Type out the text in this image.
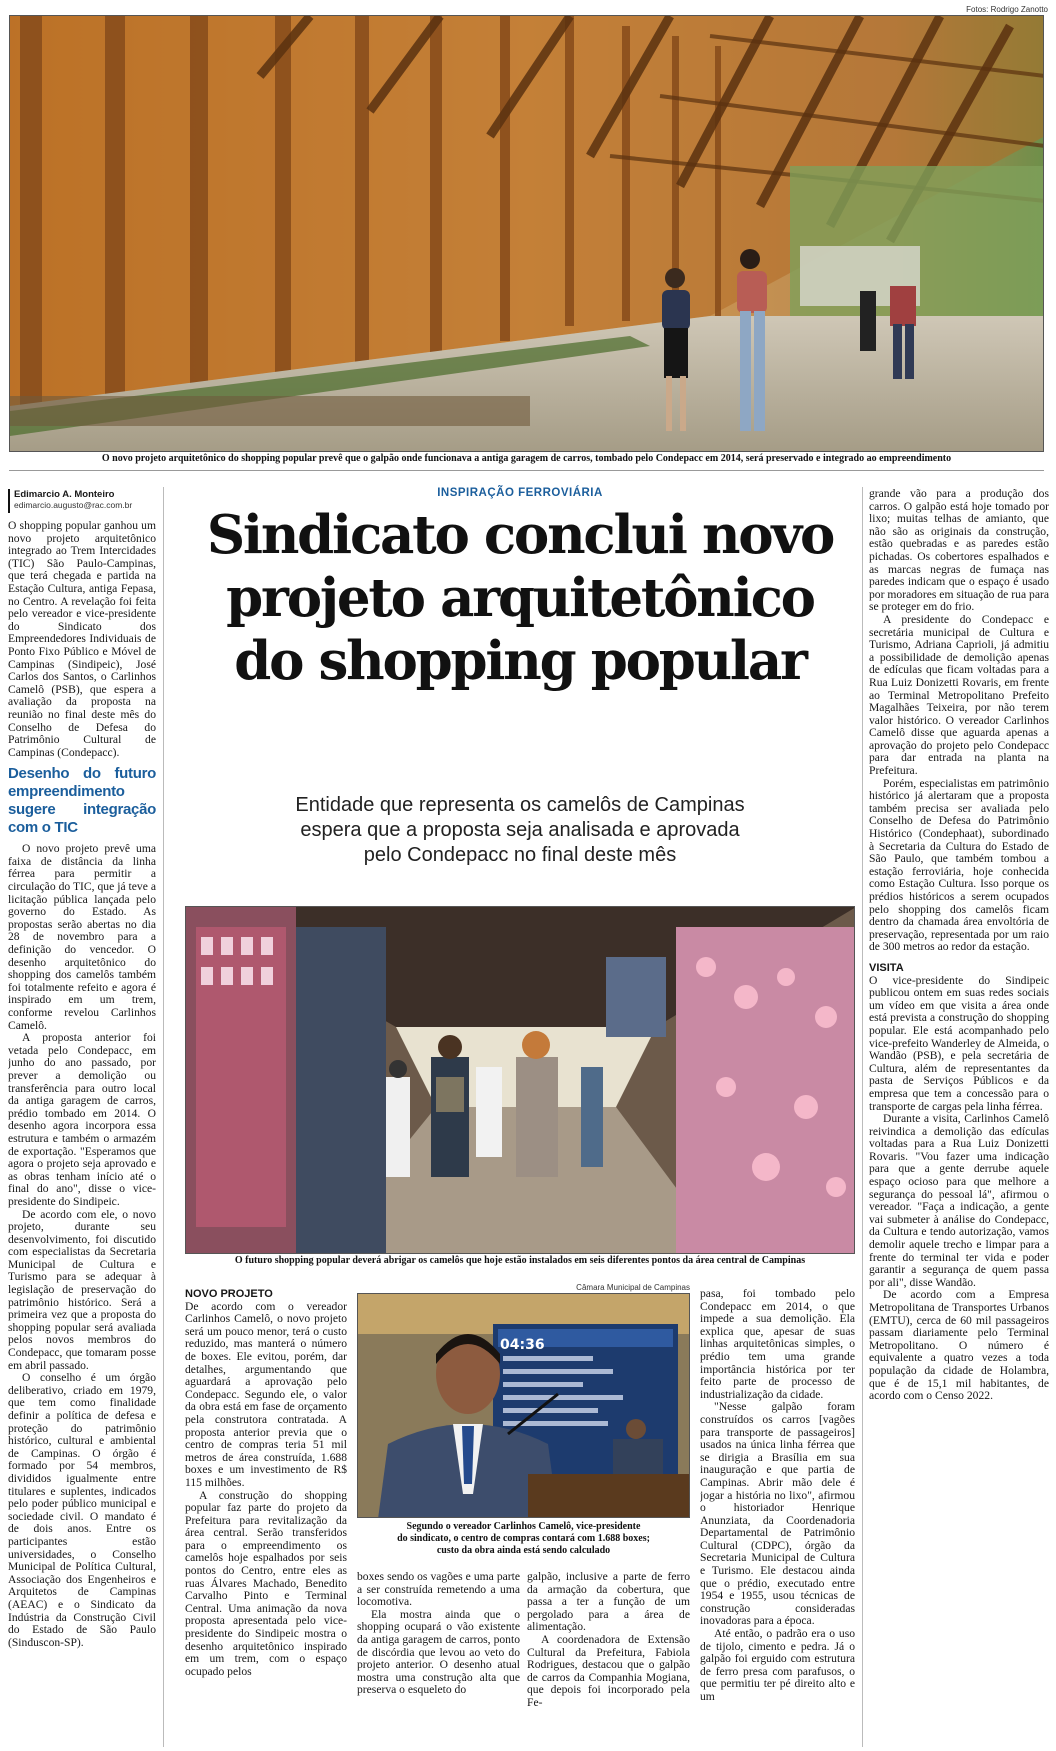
Fotos: Rodrigo Zanotto
O novo projeto arquitetônico do shopping popular prevê que o galpão onde funcionava a antiga garagem de carros, tombado pelo Condepacc em 2014, será preservado e integrado ao empreendimento
Edimarcio A. Monteiro
edimarcio.augusto@rac.com.br

O shopping popular ganhou um novo projeto arquitetônico integrado ao Trem Intercidades (TIC) São Paulo-Campinas, que terá chegada e partida na Estação Cultura, antiga Fepasa, no Centro. A revelação foi feita pelo vereador e vice-presidente do Sindicato dos Empreendedores Individuais de Ponto Fixo Público e Móvel de Campinas (Sindipeic), José Carlos dos Santos, o Carlinhos Camelô (PSB), que espera a avaliação da proposta na reunião no final deste mês do Conselho de Defesa do Patrimônio Cultural de Campinas (Condepacc).

Desenho do futuro empreendimento sugere integração com o TIC

O novo projeto prevê uma faixa de distância da linha férrea para permitir a circulação do TIC, que já teve a licitação pública lançada pelo governo do Estado. As propostas serão abertas no dia 28 de novembro para a definição do vencedor. O desenho arquitetônico do shopping dos camelôs também foi totalmente refeito e agora é inspirado em um trem, conforme revelou Carlinhos Camelô.

A proposta anterior foi vetada pelo Condepacc, em junho do ano passado, por prever a demolição ou transferência para outro local da antiga garagem de carros, prédio tombado em 2014. O desenho agora incorpora essa estrutura e também o armazém de exportação. "Esperamos que agora o projeto seja aprovado e as obras tenham início até o final do ano", disse o vice-presidente do Sindipeic.

De acordo com ele, o novo projeto, durante seu desenvolvimento, foi discutido com especialistas da Secretaria Municipal de Cultura e Turismo para se adequar à legislação de preservação do patrimônio histórico. Será a primeira vez que a proposta do shopping popular será avaliada pelos novos membros do Condepacc, que tomaram posse em abril passado.

O conselho é um órgão deliberativo, criado em 1979, que tem como finalidade definir a política de defesa e proteção do patrimônio histórico, cultural e ambiental de Campinas. O órgão é formado por 54 membros, divididos igualmente entre titulares e suplentes, indicados pelo poder público municipal e sociedade civil. O mandato é de dois anos. Entre os participantes estão universidades, o Conselho Municipal de Política Cultural, Associação dos Engenheiros e Arquitetos de Campinas (AEAC) e o Sindicato da Indústria da Construção Civil do Estado de São Paulo (Sinduscon-SP).

INSPIRAÇÃO FERROVIÁRIA
Sindicato conclui novo
projeto arquitetônico
do shopping popular
Entidade que representa os camelôs de Campinas
espera que a proposta seja analisada e aprovada
pelo Condepacc no final deste mês
O futuro shopping popular deverá abrigar os camelôs que hoje estão instalados em seis diferentes pontos da área central de Campinas
NOVO PROJETO

De acordo com o vereador Carlinhos Camelô, o novo projeto será um pouco menor, terá o custo reduzido, mas manterá o número de boxes. Ele evitou, porém, dar detalhes, argumentando que aguardará a aprovação pelo Condepacc. Segundo ele, o valor da obra está em fase de orçamento pela construtora contratada. A proposta anterior previa que o centro de compras teria 51 mil metros de área construída, 1.688 boxes e um investimento de R$ 115 milhões.

A construção do shopping popular faz parte do projeto da Prefeitura para revitalização da área central. Serão transferidos para o empreendimento os camelôs hoje espalhados por seis pontos do Centro, entre eles as ruas Álvares Machado, Benedito Carvalho Pinto e Terminal Central. Uma animação da nova proposta apresentada pelo vice-presidente do Sindipeic mostra o desenho arquitetônico inspirado em um trem, com o espaço ocupado pelos

Câmara Municipal de Campinas
04:36
Segundo o vereador Carlinhos Camelô, vice-presidente
do sindicato, o centro de compras contará com 1.688 boxes;
custo da obra ainda está sendo calculado

boxes sendo os vagões e uma parte a ser construída remetendo a uma locomotiva.

Ela mostra ainda que o shopping ocupará o vão existente da antiga garagem de carros, ponto de discórdia que levou ao veto do projeto anterior. O desenho atual mostra uma construção alta que preserva o esqueleto do

galpão, inclusive a parte de ferro da armação da cobertura, que passa a ter a função de um pergolado para a área de alimentação.

A coordenadora de Extensão Cultural da Prefeitura, Fabiola Rodrigues, destacou que o galpão de carros da Companhia Mogiana, que depois foi incorporado pela Fe-

pasa, foi tombado pelo Condepacc em 2014, o que impede a sua demolição. Ela explica que, apesar de suas linhas arquitetônicas simples, o prédio tem uma grande importância histórica por ter feito parte de processo de industrialização da cidade.

"Nesse galpão foram construídos os carros [vagões para transporte de passageiros] usados na única linha férrea que se dirigia a Brasília em sua inauguração e que partia de Campinas. Abrir mão dele é jogar a história no lixo", afirmou o historiador Henrique Anunziata, da Coordenadoria Departamental de Patrimônio Cultural (CDPC), órgão da Secretaria Municipal de Cultura e Turismo. Ele destacou ainda que o prédio, executado entre 1954 e 1955, usou técnicas de construção consideradas inovadoras para a época.

Até então, o padrão era o uso de tijolo, cimento e pedra. Já o galpão foi erguido com estrutura de ferro presa com parafusos, o que permitiu ter pé direito alto e um

grande vão para a produção dos carros. O galpão está hoje tomado por lixo; muitas telhas de amianto, que não são as originais da construção, estão quebradas e as paredes estão pichadas. Os cobertores espalhados e as marcas negras de fumaça nas paredes indicam que o espaço é usado por moradores em situação de rua para se proteger em do frio.

A presidente do Condepacc e secretária municipal de Cultura e Turismo, Adriana Caprioli, já admitiu a possibilidade de demolição apenas de edículas que ficam voltadas para a Rua Luiz Donizetti Rovaris, em frente ao Terminal Metropolitano Prefeito Magalhães Teixeira, por não terem valor histórico. O vereador Carlinhos Camelô disse que aguarda apenas a aprovação do projeto pelo Condepacc para dar entrada na planta na Prefeitura.

Porém, especialistas em patrimônio histórico já alertaram que a proposta também precisa ser avaliada pelo Conselho de Defesa do Patrimônio Histórico (Condephaat), subordinado à Secretaria da Cultura do Estado de São Paulo, que também tombou a estação ferroviária, hoje conhecida como Estação Cultura. Isso porque os prédios históricos a serem ocupados pelo shopping dos camelôs ficam dentro da chamada área envoltória de preservação, representada por um raio de 300 metros ao redor da estação.

VISITA

O vice-presidente do Sindipeic publicou ontem em suas redes sociais um vídeo em que visita a área onde está prevista a construção do shopping popular. Ele está acompanhado pelo vice-prefeito Wanderley de Almeida, o Wandão (PSB), e pela secretária de Cultura, além de representantes da pasta de Serviços Públicos e da empresa que tem a concessão para o transporte de cargas pela linha férrea.

Durante a visita, Carlinhos Camelô reivindica a demolição das edículas voltadas para a Rua Luiz Donizetti Rovaris. "Vou fazer uma indicação para que a gente derrube aquele espaço ocioso para que melhore a segurança do pessoal lá", afirmou o vereador. "Faça a indicação, a gente vai submeter à análise do Condepacc, da Cultura e tendo autorização, vamos demolir aquele trecho e limpar para a frente do terminal ter vida e poder garantir a segurança de quem passa por ali", disse Wandão.

De acordo com a Empresa Metropolitana de Transportes Urbanos (EMTU), cerca de 60 mil passageiros passam diariamente pelo Terminal Metropolitano. O número é equivalente a quatro vezes a toda população da cidade de Holambra, que é de 15,1 mil habitantes, de acordo com o Censo 2022.
